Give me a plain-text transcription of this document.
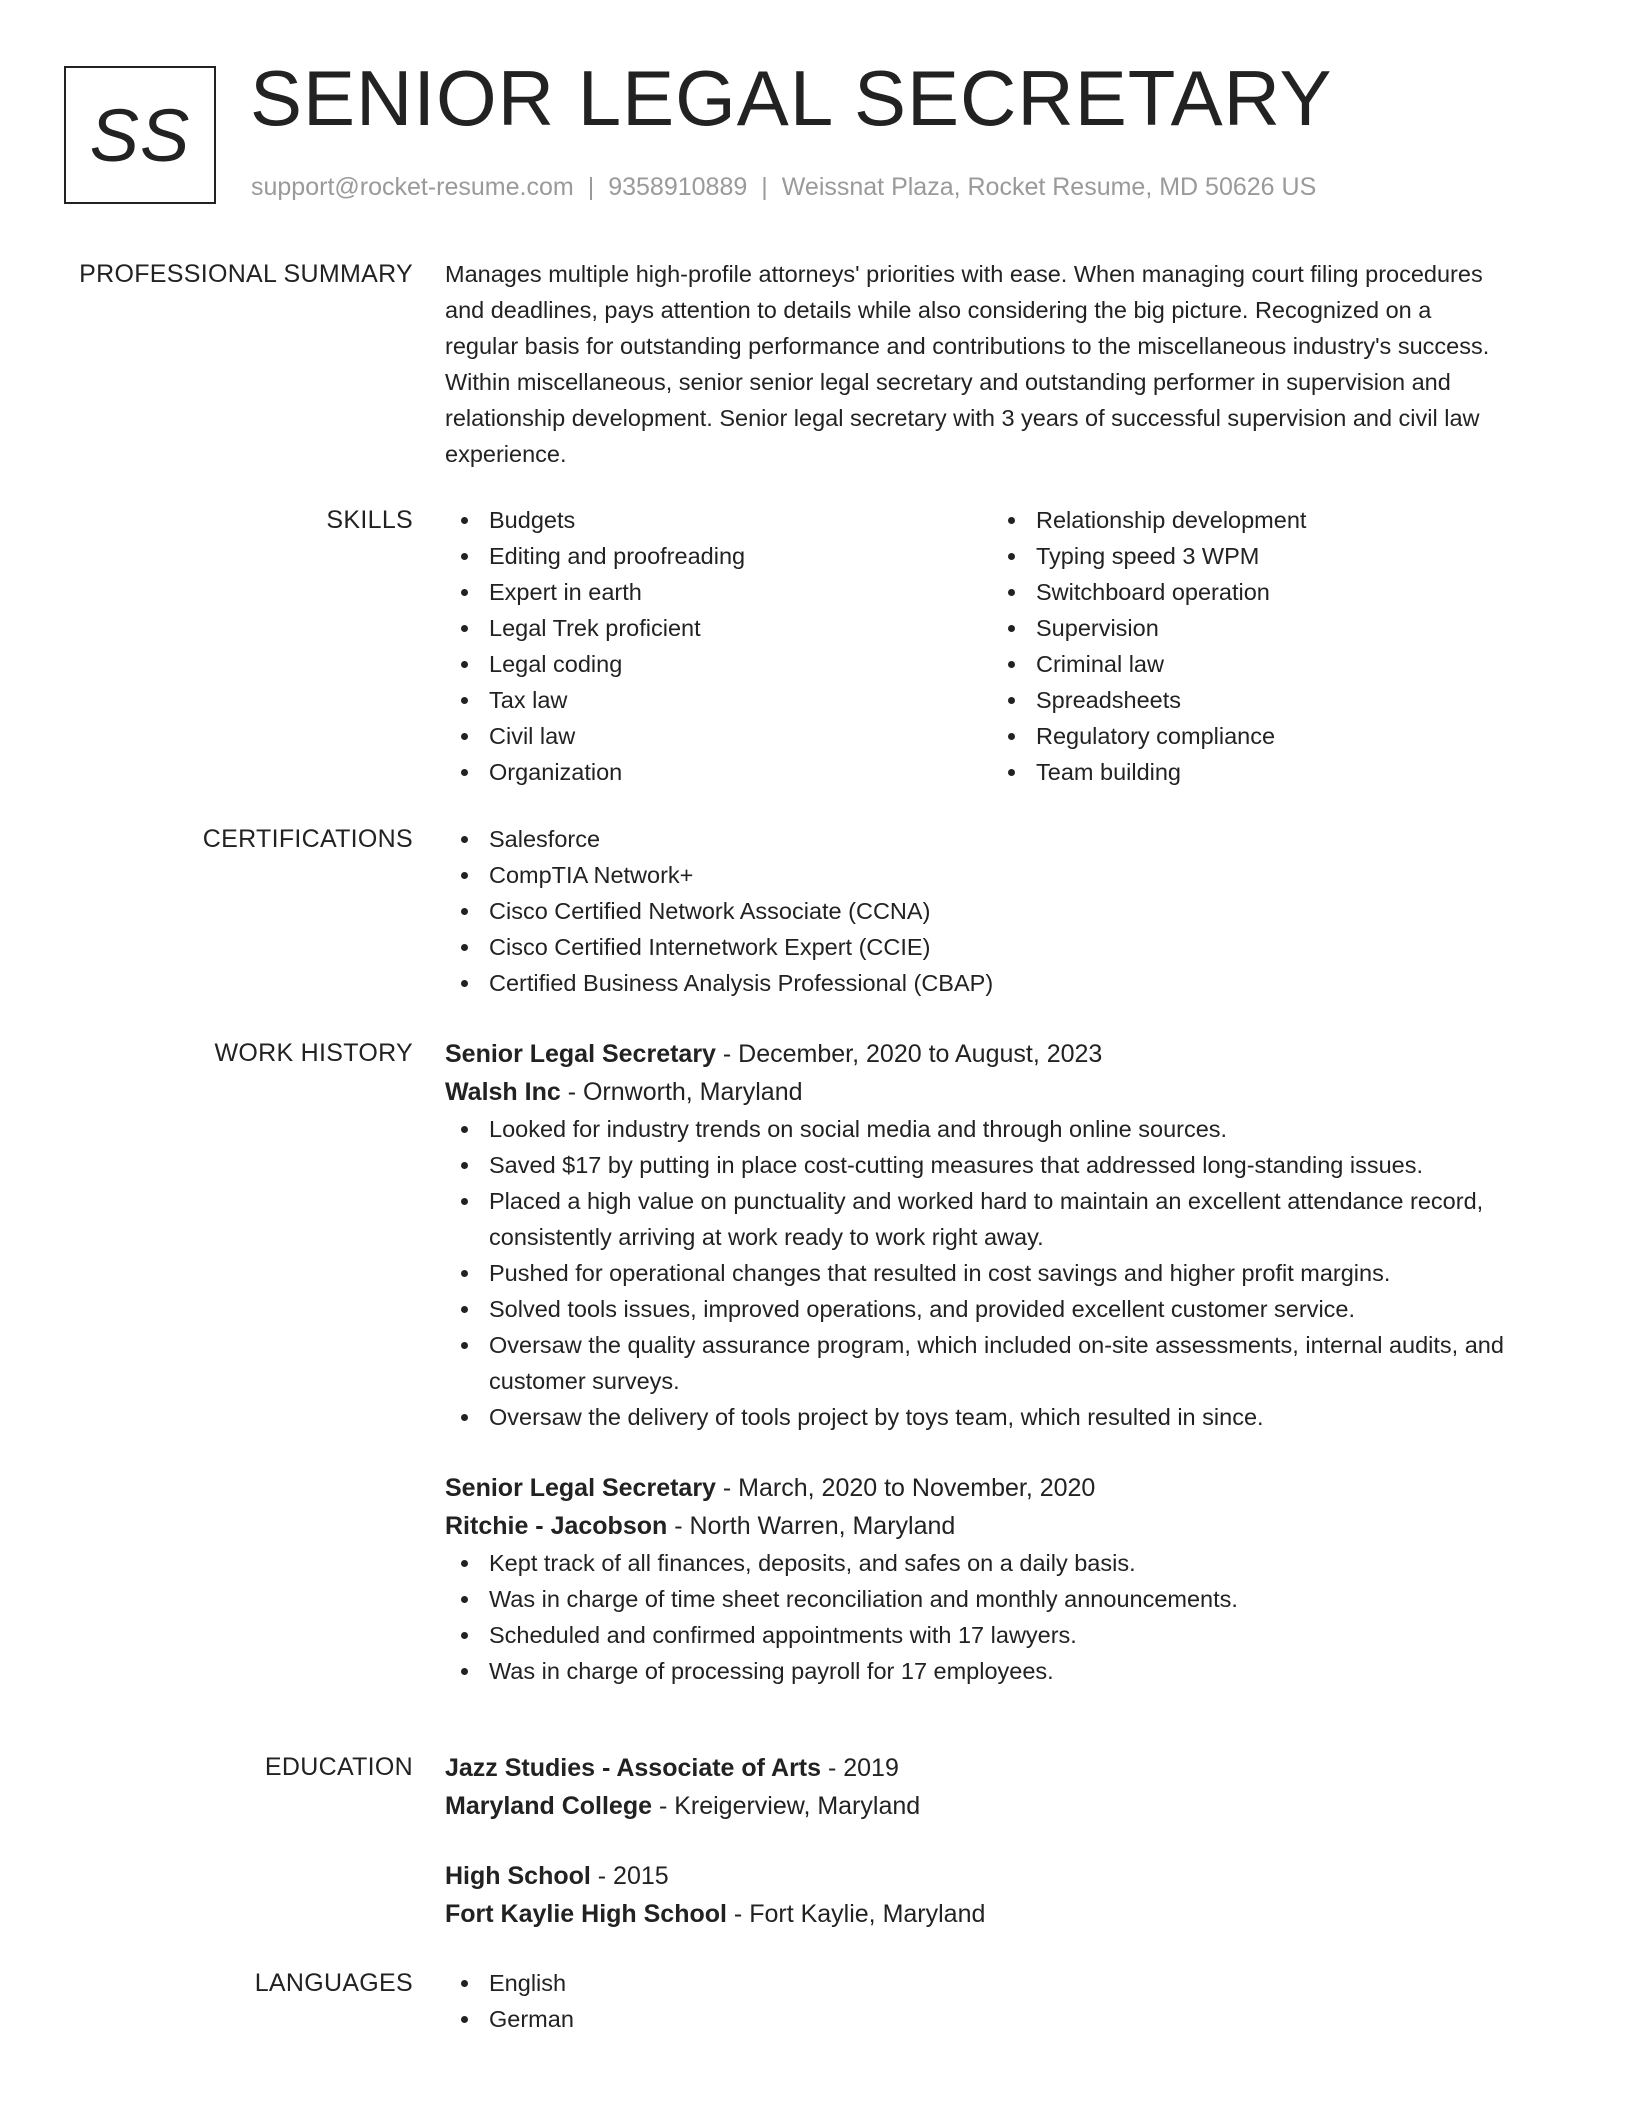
SS SENIOR LEGAL SECRETARY
support@rocket-resume.com | 9358910889 | Weissnat Plaza, Rocket Resume, MD 50626 US
PROFESSIONAL SUMMARY Manages multiple high-profile attorneys' priorities with ease. When managing court filing procedures
and deadlines, pays attention to details while also considering the big picture. Recognized on a
regular basis for outstanding performance and contributions to the miscellaneous industry's success.
Within miscellaneous, senior senior legal secretary and outstanding performer in supervision and
relationship development. Senior legal secretary with 3 years of successful supervision and civil law
experience.
SKILLS	Budgets
Editing and proofreading
Expert in earth
Legal Trek proficient
Legal coding
Tax law
Civil law
Organization
Relationship development
Typing speed 3 WPM
Switchboard operation
Supervision
Criminal law
Spreadsheets
Regulatory compliance
Team building
CERTIFICATIONS	Salesforce
CompTIA Network+
Cisco Certified Network Associate (CCNA)
Cisco Certified Internetwork Expert (CCIE)
Certified Business Analysis Professional (CBAP)
WORK HISTORY Senior Legal Secretary - December, 2020 to August, 2023
Walsh Inc - Ornworth, Maryland
Looked for industry trends on social media and through online sources.
Saved $17 by putting in place cost-cutting measures that addressed long-standing issues.
Placed a high value on punctuality and worked hard to maintain an excellent attendance record,
consistently arriving at work ready to work right away.
Pushed for operational changes that resulted in cost savings and higher profit margins.
Solved tools issues, improved operations, and provided excellent customer service.
Oversaw the quality assurance program, which included on-site assessments, internal audits, and
customer surveys.
Oversaw the delivery of tools project by toys team, which resulted in since.
Senior Legal Secretary - March, 2020 to November, 2020
Ritchie - Jacobson - North Warren, Maryland
Kept track of all finances, deposits, and safes on a daily basis.
Was in charge of time sheet reconciliation and monthly announcements.
Scheduled and confirmed appointments with 17 lawyers.
Was in charge of processing payroll for 17 employees.
EDUCATION Jazz Studies - Associate of Arts - 2019
Maryland College - Kreigerview, Maryland
High School - 2015
Fort Kaylie High School - Fort Kaylie, Maryland
LANGUAGES	English
German
